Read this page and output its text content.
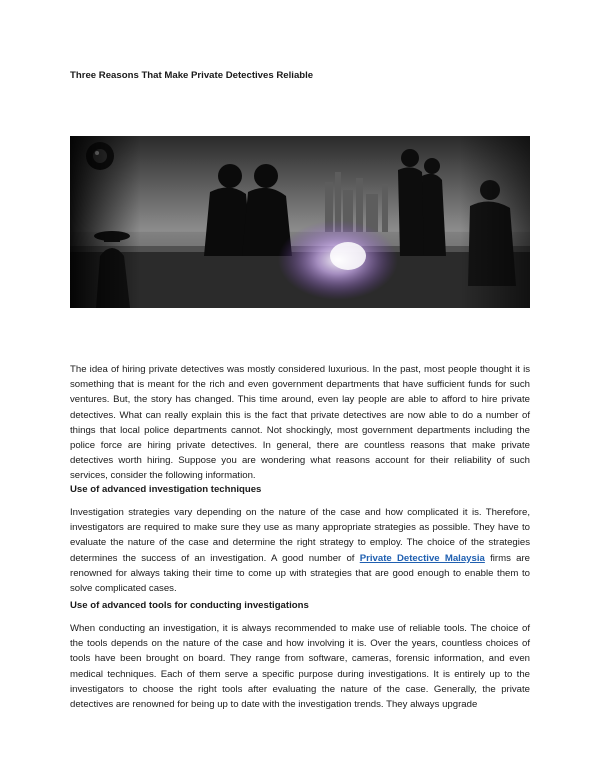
Three Reasons That Make Private Detectives Reliable

The idea of hiring private detectives was mostly considered luxurious. In the past, most people thought it is something that is meant for the rich and even government departments that have sufficient funds for such ventures. But, the story has changed. This time around, even lay people are able to afford to hire private detectives. What can really explain this is the fact that private detectives are now able to do a number of things that local police departments cannot. Not shockingly, most government departments including the police force are hiring private detectives. In general, there are countless reasons that make private detectives worth hiring. Suppose you are wondering what reasons account for their reliability of such services, consider the following information.

Use of advanced investigation techniques

Investigation strategies vary depending on the nature of the case and how complicated it is. Therefore, investigators are required to make sure they use as many appropriate strategies as possible. They have to evaluate the nature of the case and determine the right strategy to employ. The choice of the strategies determines the success of an investigation. A good number of Private Detective Malaysia firms are renowned for always taking their time to come up with strategies that are good enough to enable them to solve complicated cases.

Use of advanced tools for conducting investigations

When conducting an investigation, it is always recommended to make use of reliable tools. The choice of the tools depends on the nature of the case and how involving it is. Over the years, countless choices of tools have been brought on board. They range from software, cameras, forensic information, and even medical techniques. Each of them serve a specific purpose during investigations. It is entirely up to the investigators to choose the right tools after evaluating the nature of the case. Generally, the private detectives are renowned for being up to date with the investigation trends. They always upgrade
